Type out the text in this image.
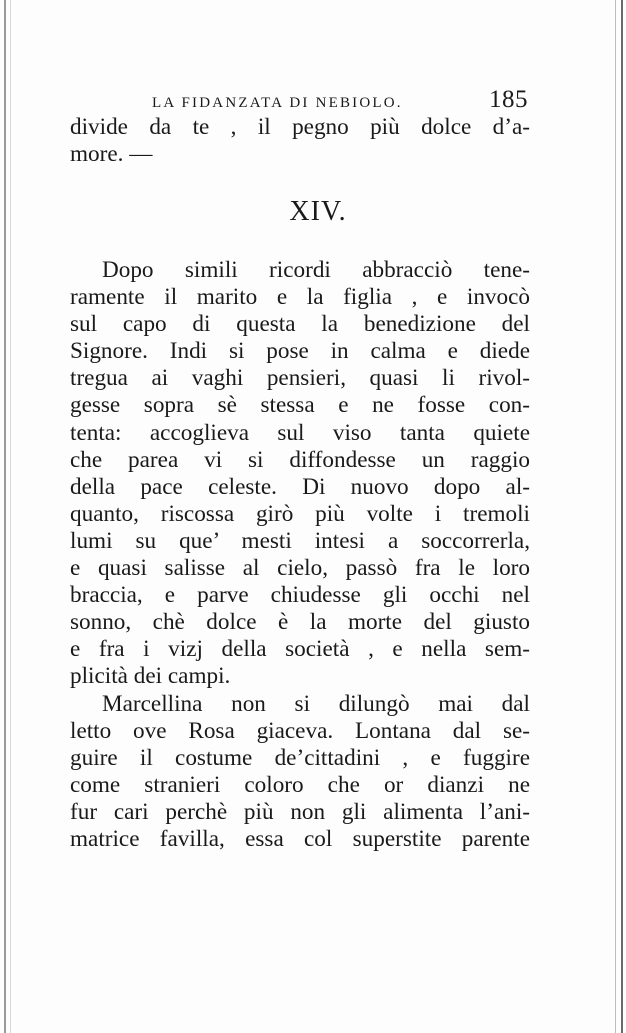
LA FIDANZATA DI NEBIOLO.	185
divide da te , il pegno più dolce d’a-
more. —
XIV.
Dopo simili ricordi abbracciò tene-
ramente il marito e la figlia , e invocò
sul capo di questa la benedizione del
Signore. Indi si pose in calma e diede
tregua ai vaghi pensieri, quasi li rivol-
gesse sopra sè stessa e ne fosse con-
tenta: accoglieva sul viso tanta quiete
che parea vi si diffondesse un raggio
della pace celeste. Di nuovo dopo al-
quanto, riscossa girò più volte i tremoli
lumi su que’ mesti intesi a soccorrerla,
e quasi salisse al cielo, passò fra le loro
braccia, e parve chiudesse gli occhi nel
sonno, chè dolce è la morte del giusto
e fra i vizj della società , e nella sem-
plicità dei campi.
Marcellina non si dilungò mai dal
letto ove Rosa giaceva. Lontana dal se-
guire il costume de’cittadini , e fuggire
come stranieri coloro che or dianzi ne
fur cari perchè più non gli alimenta l’ani-
matrice favilla, essa col superstite parente
